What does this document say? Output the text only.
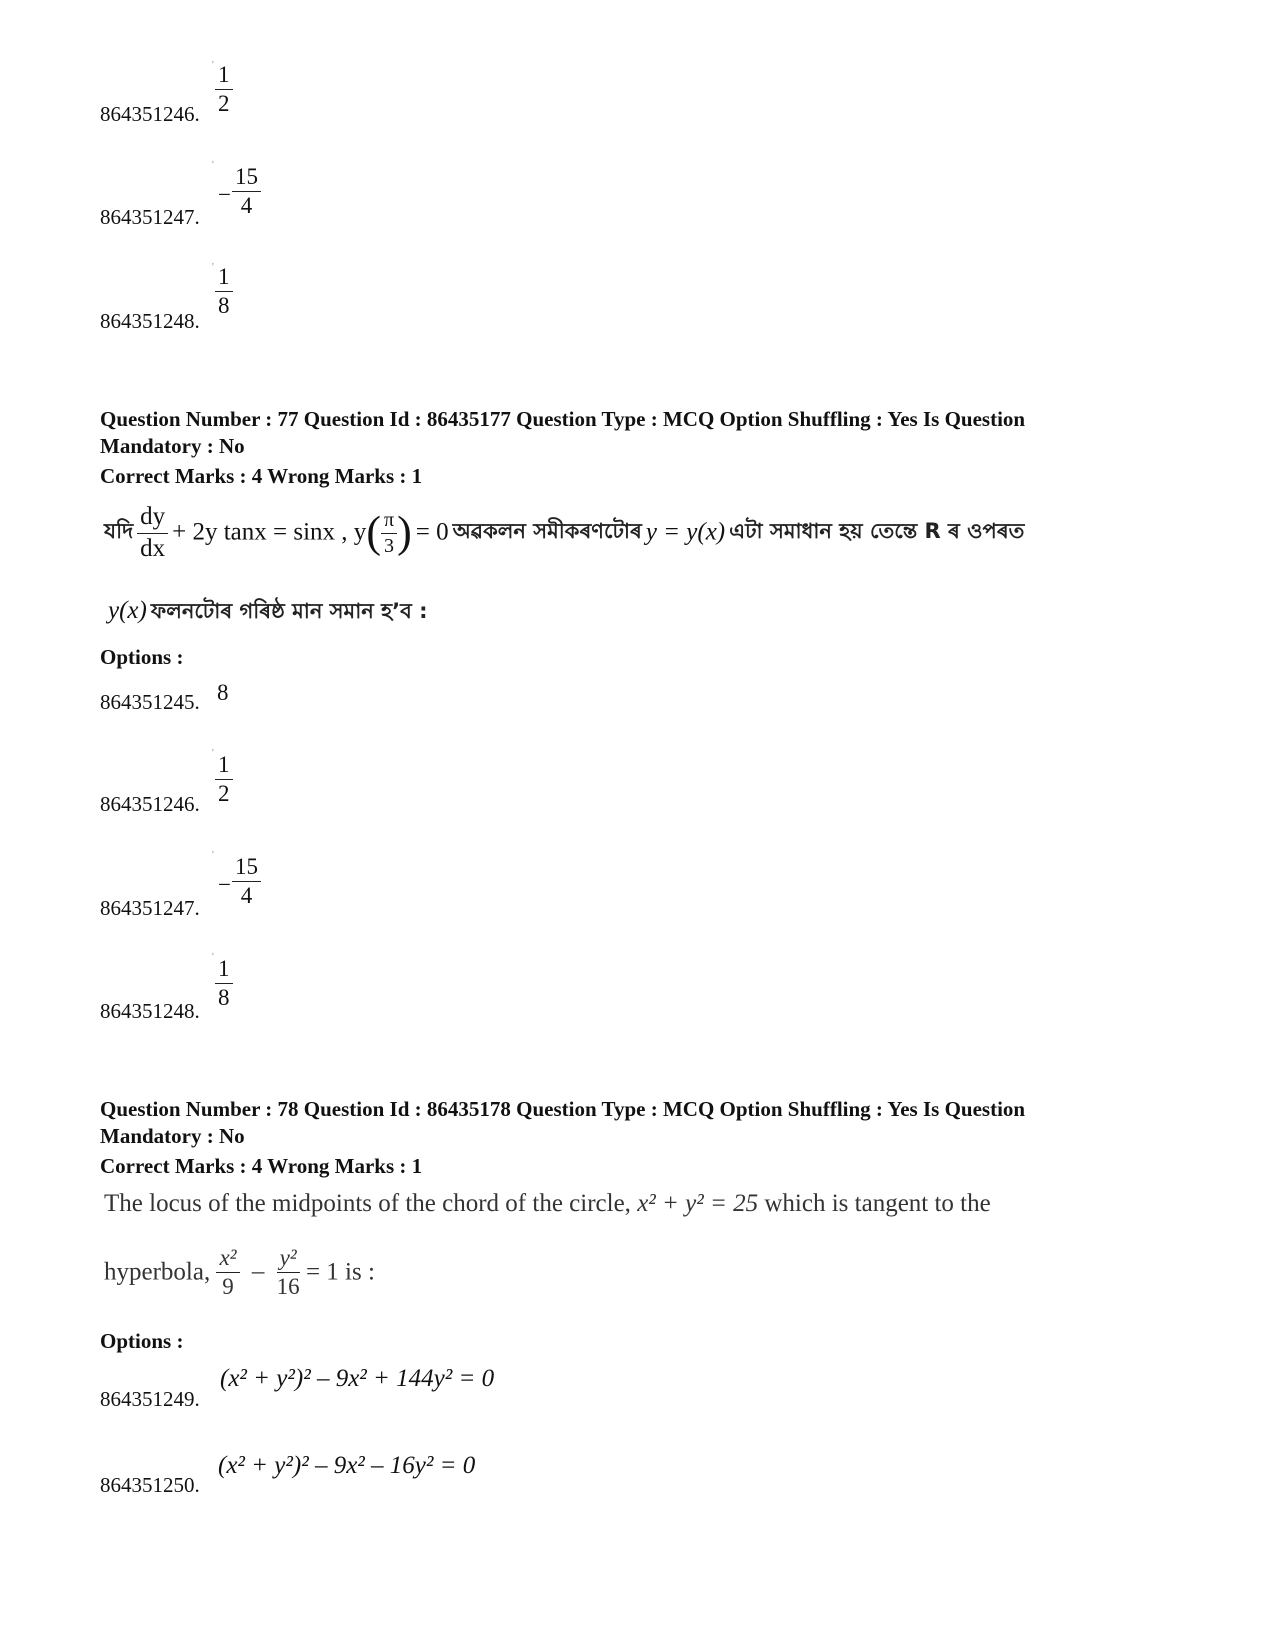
' 1
2
864351246.
'
−
15
4
864351247.
' 1
8
864351248.
Question Number : 77 Question Id : 86435177 Question Type : MCQ Option Shuffling : Yes Is Question
Mandatory : No
Correct Marks : 4 Wrong Marks : 1
যদি $\frac{dy}{dx} + 2y$ tanx = sinx , $y( \frac{\pi}{3}$ ) = 0 অৱকলন সমীকৰণটোৰ y = y(x) এটা সমাধান হয় তেন্তে R ৰ ওপৰত
y(x) ফলনটোৰ গৰিষ্ঠ মান সমান হ’ব :
Options :
8
864351245.
' 1
2
864351246.
'
−
15
4
864351247.
' 1
8
864351248.
Question Number : 78 Question Id : 86435178 Question Type : MCQ Option Shuffling : Yes Is Question
Mandatory : No
Correct Marks : 4 Wrong Marks : 1
The locus of the midpoints of the chord of the circle, x² + y² = 25 which is tangent to the
hyperbola, $\frac{\text{x²}}{9} - \frac{\text{y²}}{16} = 1$ is :
Options :
(x² + y²)² – 9x² + 144y² = 0
864351249.
(x² + y²)² – 9x² – 16y² = 0
864351250.
